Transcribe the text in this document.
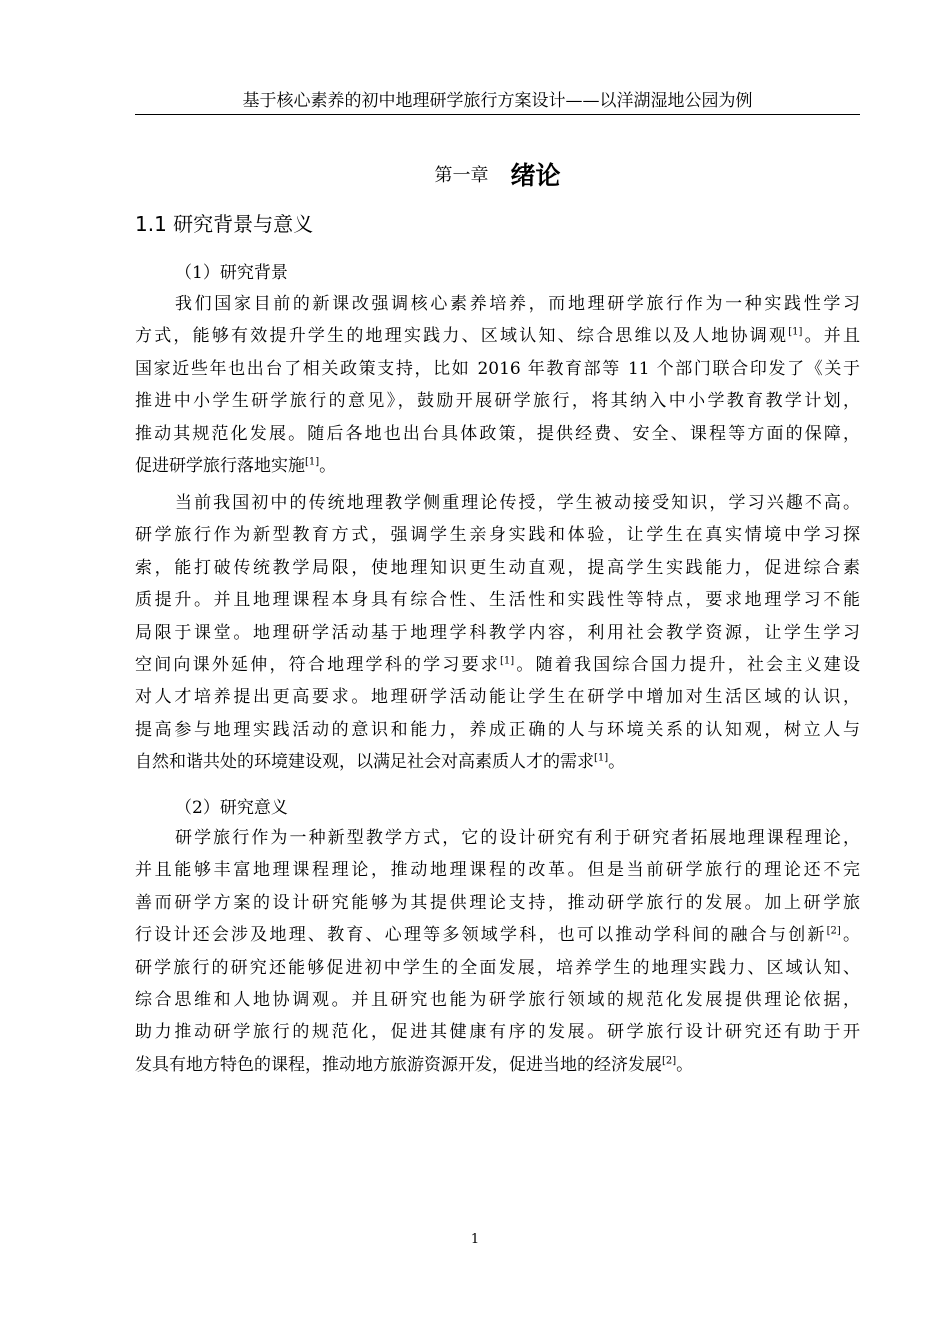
基于核心素养的初中地理研学旅行方案设计——以洋湖湿地公园为例
第一章 绪论
1.1 研究背景与意义
（1）研究背景
我们国家目前的新课改强调核心素养培养，而地理研学旅行作为一种实践性学习
方式，能够有效提升学生的地理实践力、区域认知、综合思维以及人地协调观[1]。并且
国家近些年也出台了相关政策支持，比如 2016 年教育部等 11 个部门联合印发了《关于
推进中小学生研学旅行的意见》，鼓励开展研学旅行，将其纳入中小学教育教学计划，
推动其规范化发展。随后各地也出台具体政策，提供经费、安全、课程等方面的保障，
促进研学旅行落地实施[1]。
当前我国初中的传统地理教学侧重理论传授，学生被动接受知识，学习兴趣不高。
研学旅行作为新型教育方式，强调学生亲身实践和体验，让学生在真实情境中学习探
索，能打破传统教学局限，使地理知识更生动直观，提高学生实践能力，促进综合素
质提升。并且地理课程本身具有综合性、生活性和实践性等特点，要求地理学习不能
局限于课堂。地理研学活动基于地理学科教学内容，利用社会教学资源，让学生学习
空间向课外延伸，符合地理学科的学习要求[1]。随着我国综合国力提升，社会主义建设
对人才培养提出更高要求。地理研学活动能让学生在研学中增加对生活区域的认识，
提高参与地理实践活动的意识和能力，养成正确的人与环境关系的认知观，树立人与
自然和谐共处的环境建设观，以满足社会对高素质人才的需求[1]。
（2）研究意义
研学旅行作为一种新型教学方式，它的设计研究有利于研究者拓展地理课程理论，
并且能够丰富地理课程理论，推动地理课程的改革。但是当前研学旅行的理论还不完
善而研学方案的设计研究能够为其提供理论支持，推动研学旅行的发展。加上研学旅
行设计还会涉及地理、教育、心理等多领域学科，也可以推动学科间的融合与创新[2]。
研学旅行的研究还能够促进初中学生的全面发展，培养学生的地理实践力、区域认知、
综合思维和人地协调观。并且研究也能为研学旅行领域的规范化发展提供理论依据，
助力推动研学旅行的规范化，促进其健康有序的发展。研学旅行设计研究还有助于开
发具有地方特色的课程，推动地方旅游资源开发，促进当地的经济发展[2]。
1
